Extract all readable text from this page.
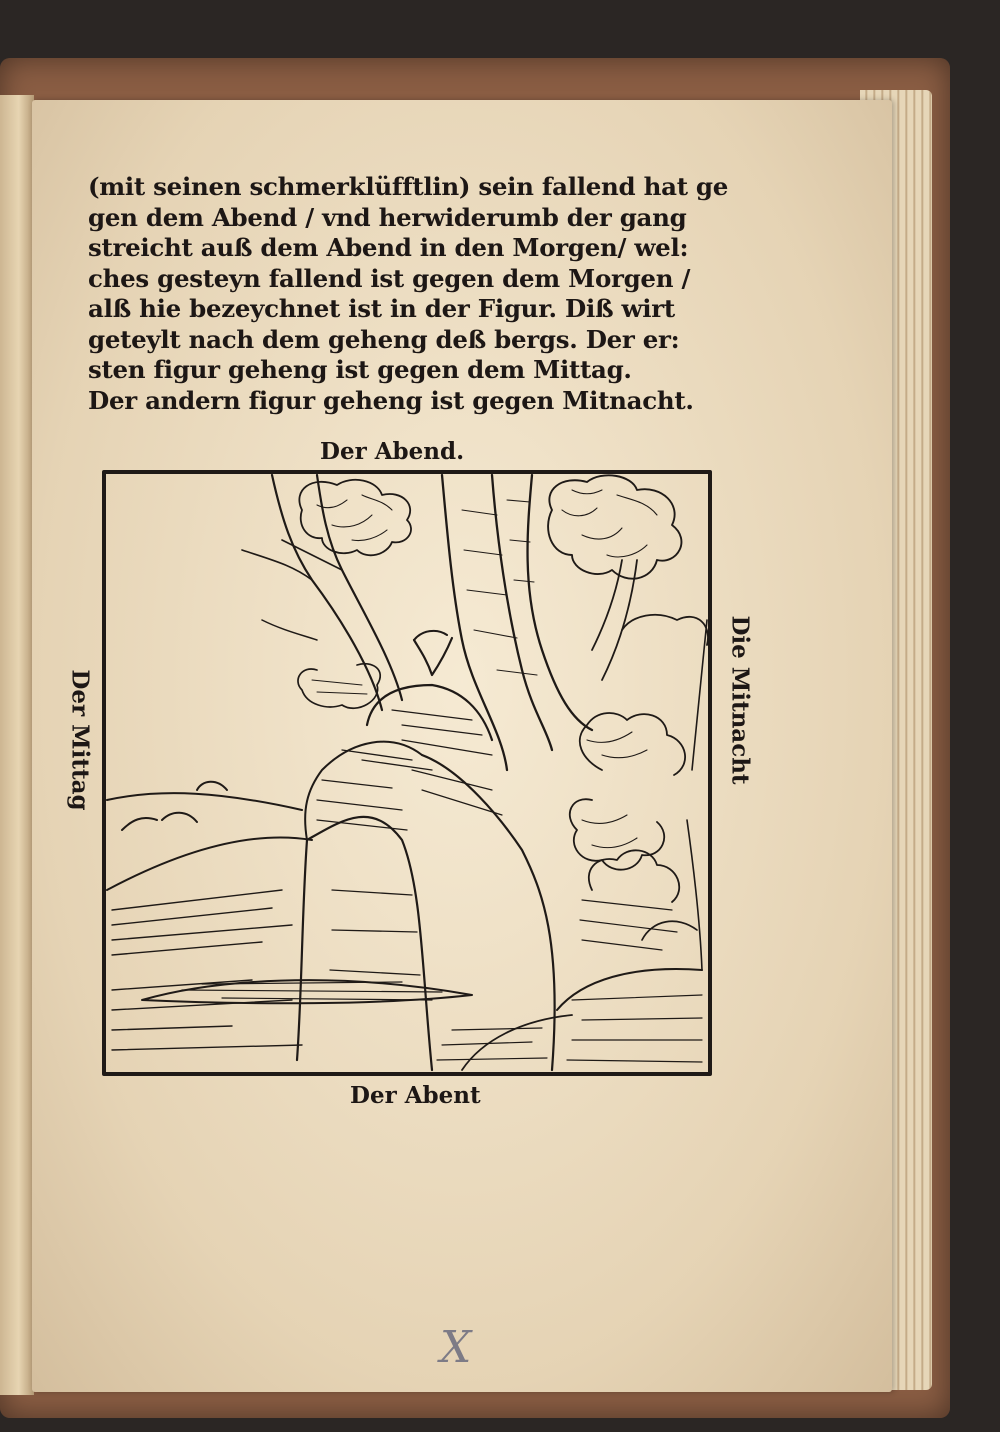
(mit seinen schmerklüfftlin) sein fallend hat ge
gen dem Abend / vnd herwiderumb der gang
streicht auß dem Abend in den Morgen/ wel:
ches gesteyn fallend ist gegen dem Morgen /
alß hie bezeychnet ist in der Figur. Diß wirt
geteylt nach dem geheng deß bergs. Der er:
sten figur geheng ist gegen dem Mittag.
Der andern figur geheng ist gegen Mitnacht.
Der Abend.
Der Abent
Der Mittag	Die Mitnacht
X
